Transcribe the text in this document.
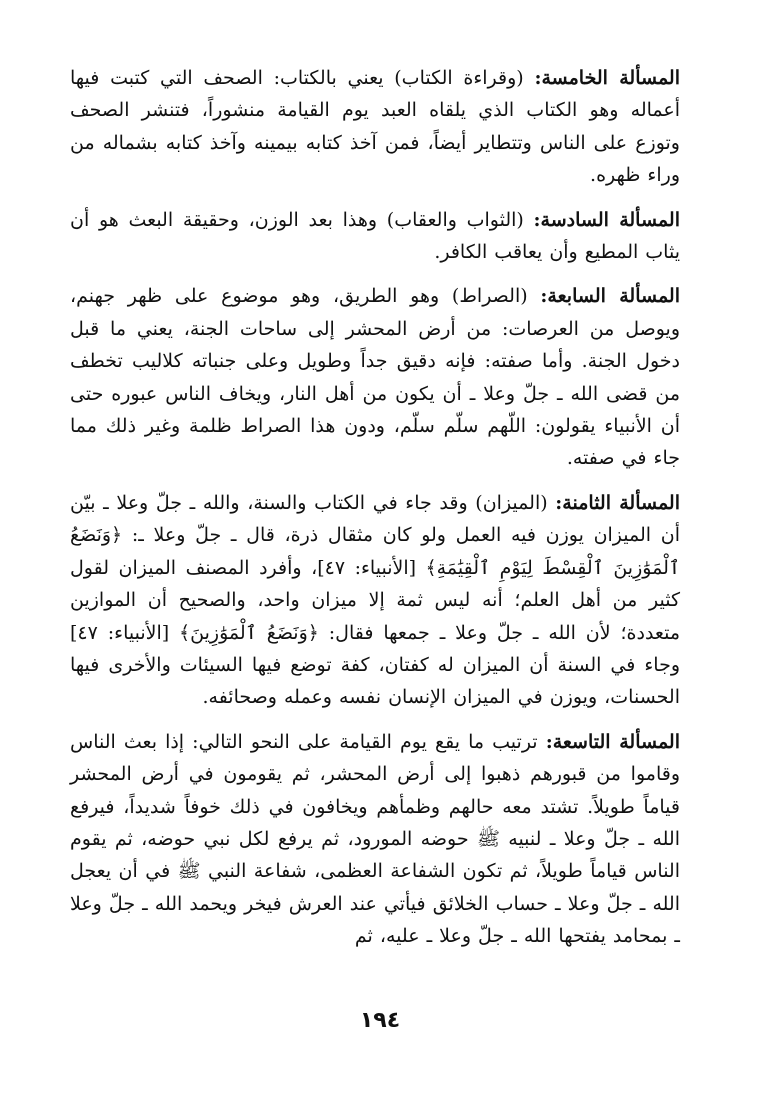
المسألة الخامسة: (وقراءة الكتاب) يعني بالكتاب: الصحف التي كتبت فيها أعماله وهو الكتاب الذي يلقاه العبد يوم القيامة منشوراً، فتنشر الصحف وتوزع على الناس وتتطاير أيضاً، فمن آخذ كتابه بيمينه وآخذ كتابه بشماله من وراء ظهره.

المسألة السادسة: (الثواب والعقاب) وهذا بعد الوزن، وحقيقة البعث هو أن يثاب المطيع وأن يعاقب الكافر.

المسألة السابعة: (الصراط) وهو الطريق، وهو موضوع على ظهر جهنم، ويوصل من العرصات: من أرض المحشر إلى ساحات الجنة، يعني ما قبل دخول الجنة. وأما صفته: فإنه دقيق جداً وطويل وعلى جنباته كلاليب تخطف من قضى الله ـ جلّ وعلا ـ أن يكون من أهل النار، ويخاف الناس عبوره حتى أن الأنبياء يقولون: اللّهم سلّم سلّم، ودون هذا الصراط ظلمة وغير ذلك مما جاء في صفته.

المسألة الثامنة: (الميزان) وقد جاء في الكتاب والسنة، والله ـ جلّ وعلا ـ بيّن أن الميزان يوزن فيه العمل ولو كان مثقال ذرة، قال ـ جلّ وعلا ـ: ﴿وَنَضَعُ ٱلْمَوَٰزِينَ ٱلْقِسْطَ لِيَوْمِ ٱلْقِيَٰمَةِ﴾ [الأنبياء: ٤٧]، وأفرد المصنف الميزان لقول كثير من أهل العلم؛ أنه ليس ثمة إلا ميزان واحد، والصحيح أن الموازين متعددة؛ لأن الله ـ جلّ وعلا ـ جمعها فقال: ﴿وَنَضَعُ ٱلْمَوَٰزِينَ﴾ [الأنبياء: ٤٧] وجاء في السنة أن الميزان له كفتان، كفة توضع فيها السيئات والأخرى فيها الحسنات، ويوزن في الميزان الإنسان نفسه وعمله وصحائفه.

المسألة التاسعة: ترتيب ما يقع يوم القيامة على النحو التالي: إذا بعث الناس وقاموا من قبورهم ذهبوا إلى أرض المحشر، ثم يقومون في أرض المحشر قياماً طويلاً. تشتد معه حالهم وظمأهم ويخافون في ذلك خوفاً شديداً، فيرفع الله ـ جلّ وعلا ـ لنبيه ﷺ حوضه المورود، ثم يرفع لكل نبي حوضه، ثم يقوم الناس قياماً طويلاً، ثم تكون الشفاعة العظمى، شفاعة النبي ﷺ في أن يعجل الله ـ جلّ وعلا ـ حساب الخلائق فيأتي عند العرش فيخر ويحمد الله ـ جلّ وعلا ـ بمحامد يفتحها الله ـ جلّ وعلا ـ عليه، ثم

١٩٤
